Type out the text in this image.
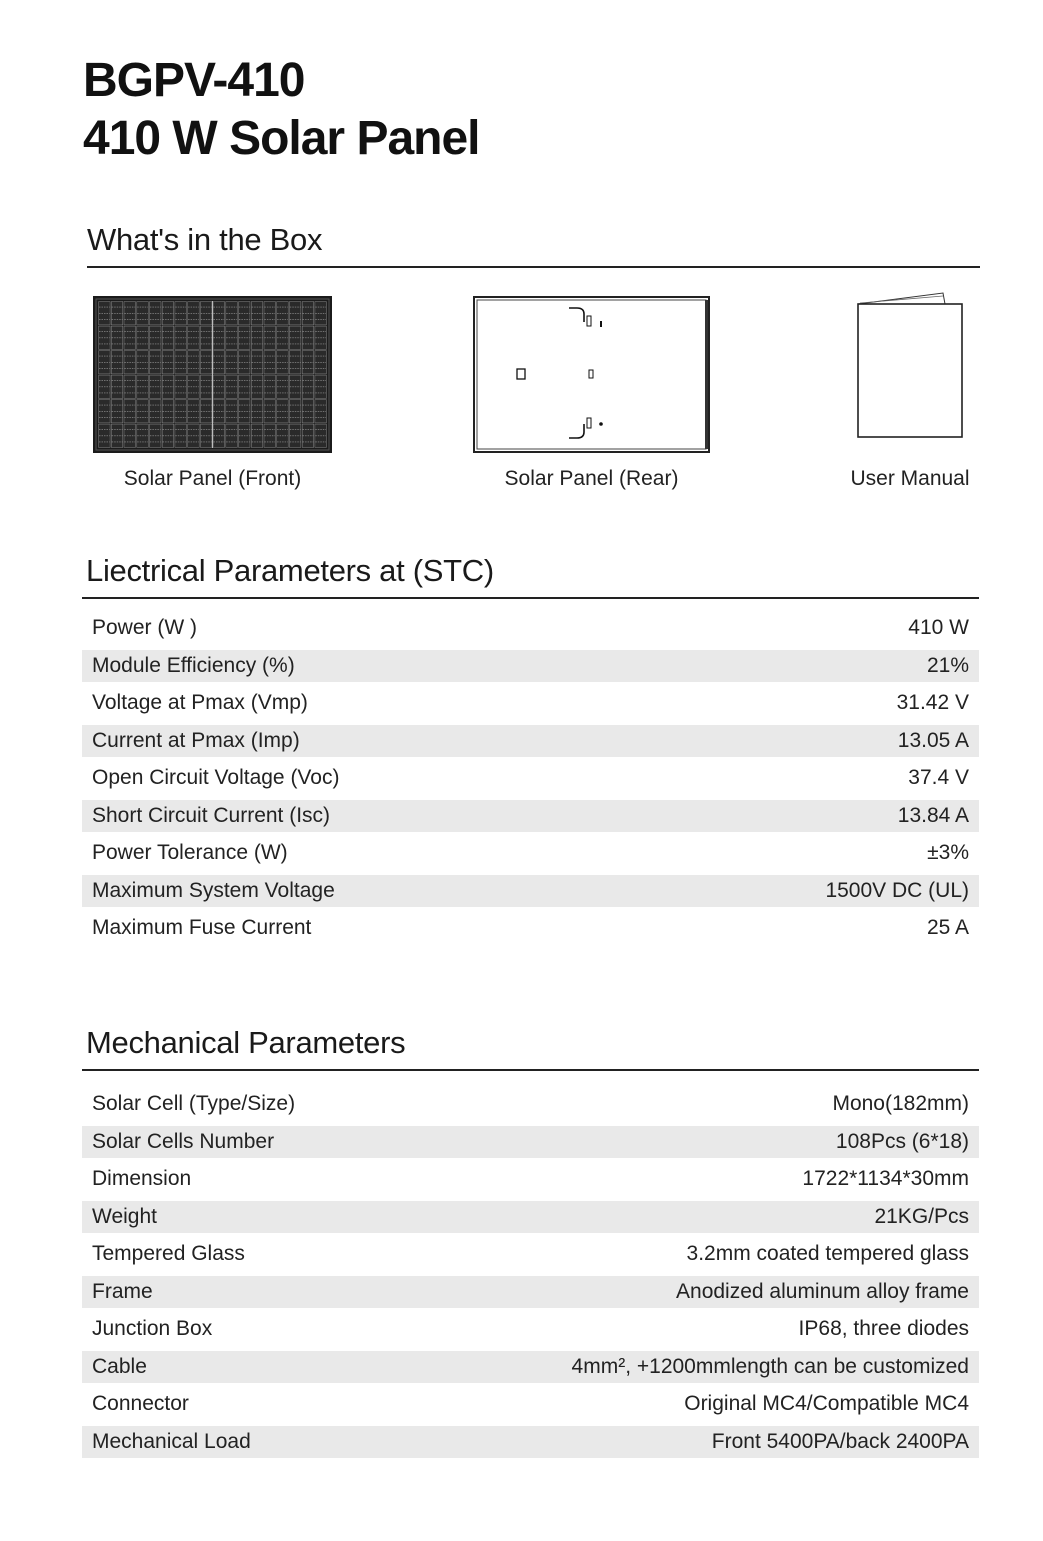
BGPV-410
410 W Solar Panel
What's in the Box
Solar Panel (Front)	Solar Panel (Rear)	User Manual
Liectrical Parameters at (STC)
Power (W )	410 W
Module Efficiency (%)	21%
Voltage at Pmax (Vmp)	31.42 V
Current at Pmax (Imp)	13.05 A
Open Circuit Voltage (Voc)	37.4 V
Short Circuit Current (Isc)	13.84 A
Power Tolerance (W)	±3%
Maximum System Voltage	1500V DC (UL)
Maximum Fuse Current	25 A
Mechanical Parameters
Solar Cell (Type/Size)	Mono(182mm)
Solar Cells Number	108Pcs (6*18)
Dimension	1722*1134*30mm
Weight	21KG/Pcs
Tempered Glass	3.2mm coated tempered glass
Frame	Anodized aluminum alloy frame
Junction Box	IP68, three diodes
Cable	4mm², +1200mmlength can be customized
Connector	Original MC4/Compatible MC4
Mechanical Load	Front 5400PA/back 2400PA
